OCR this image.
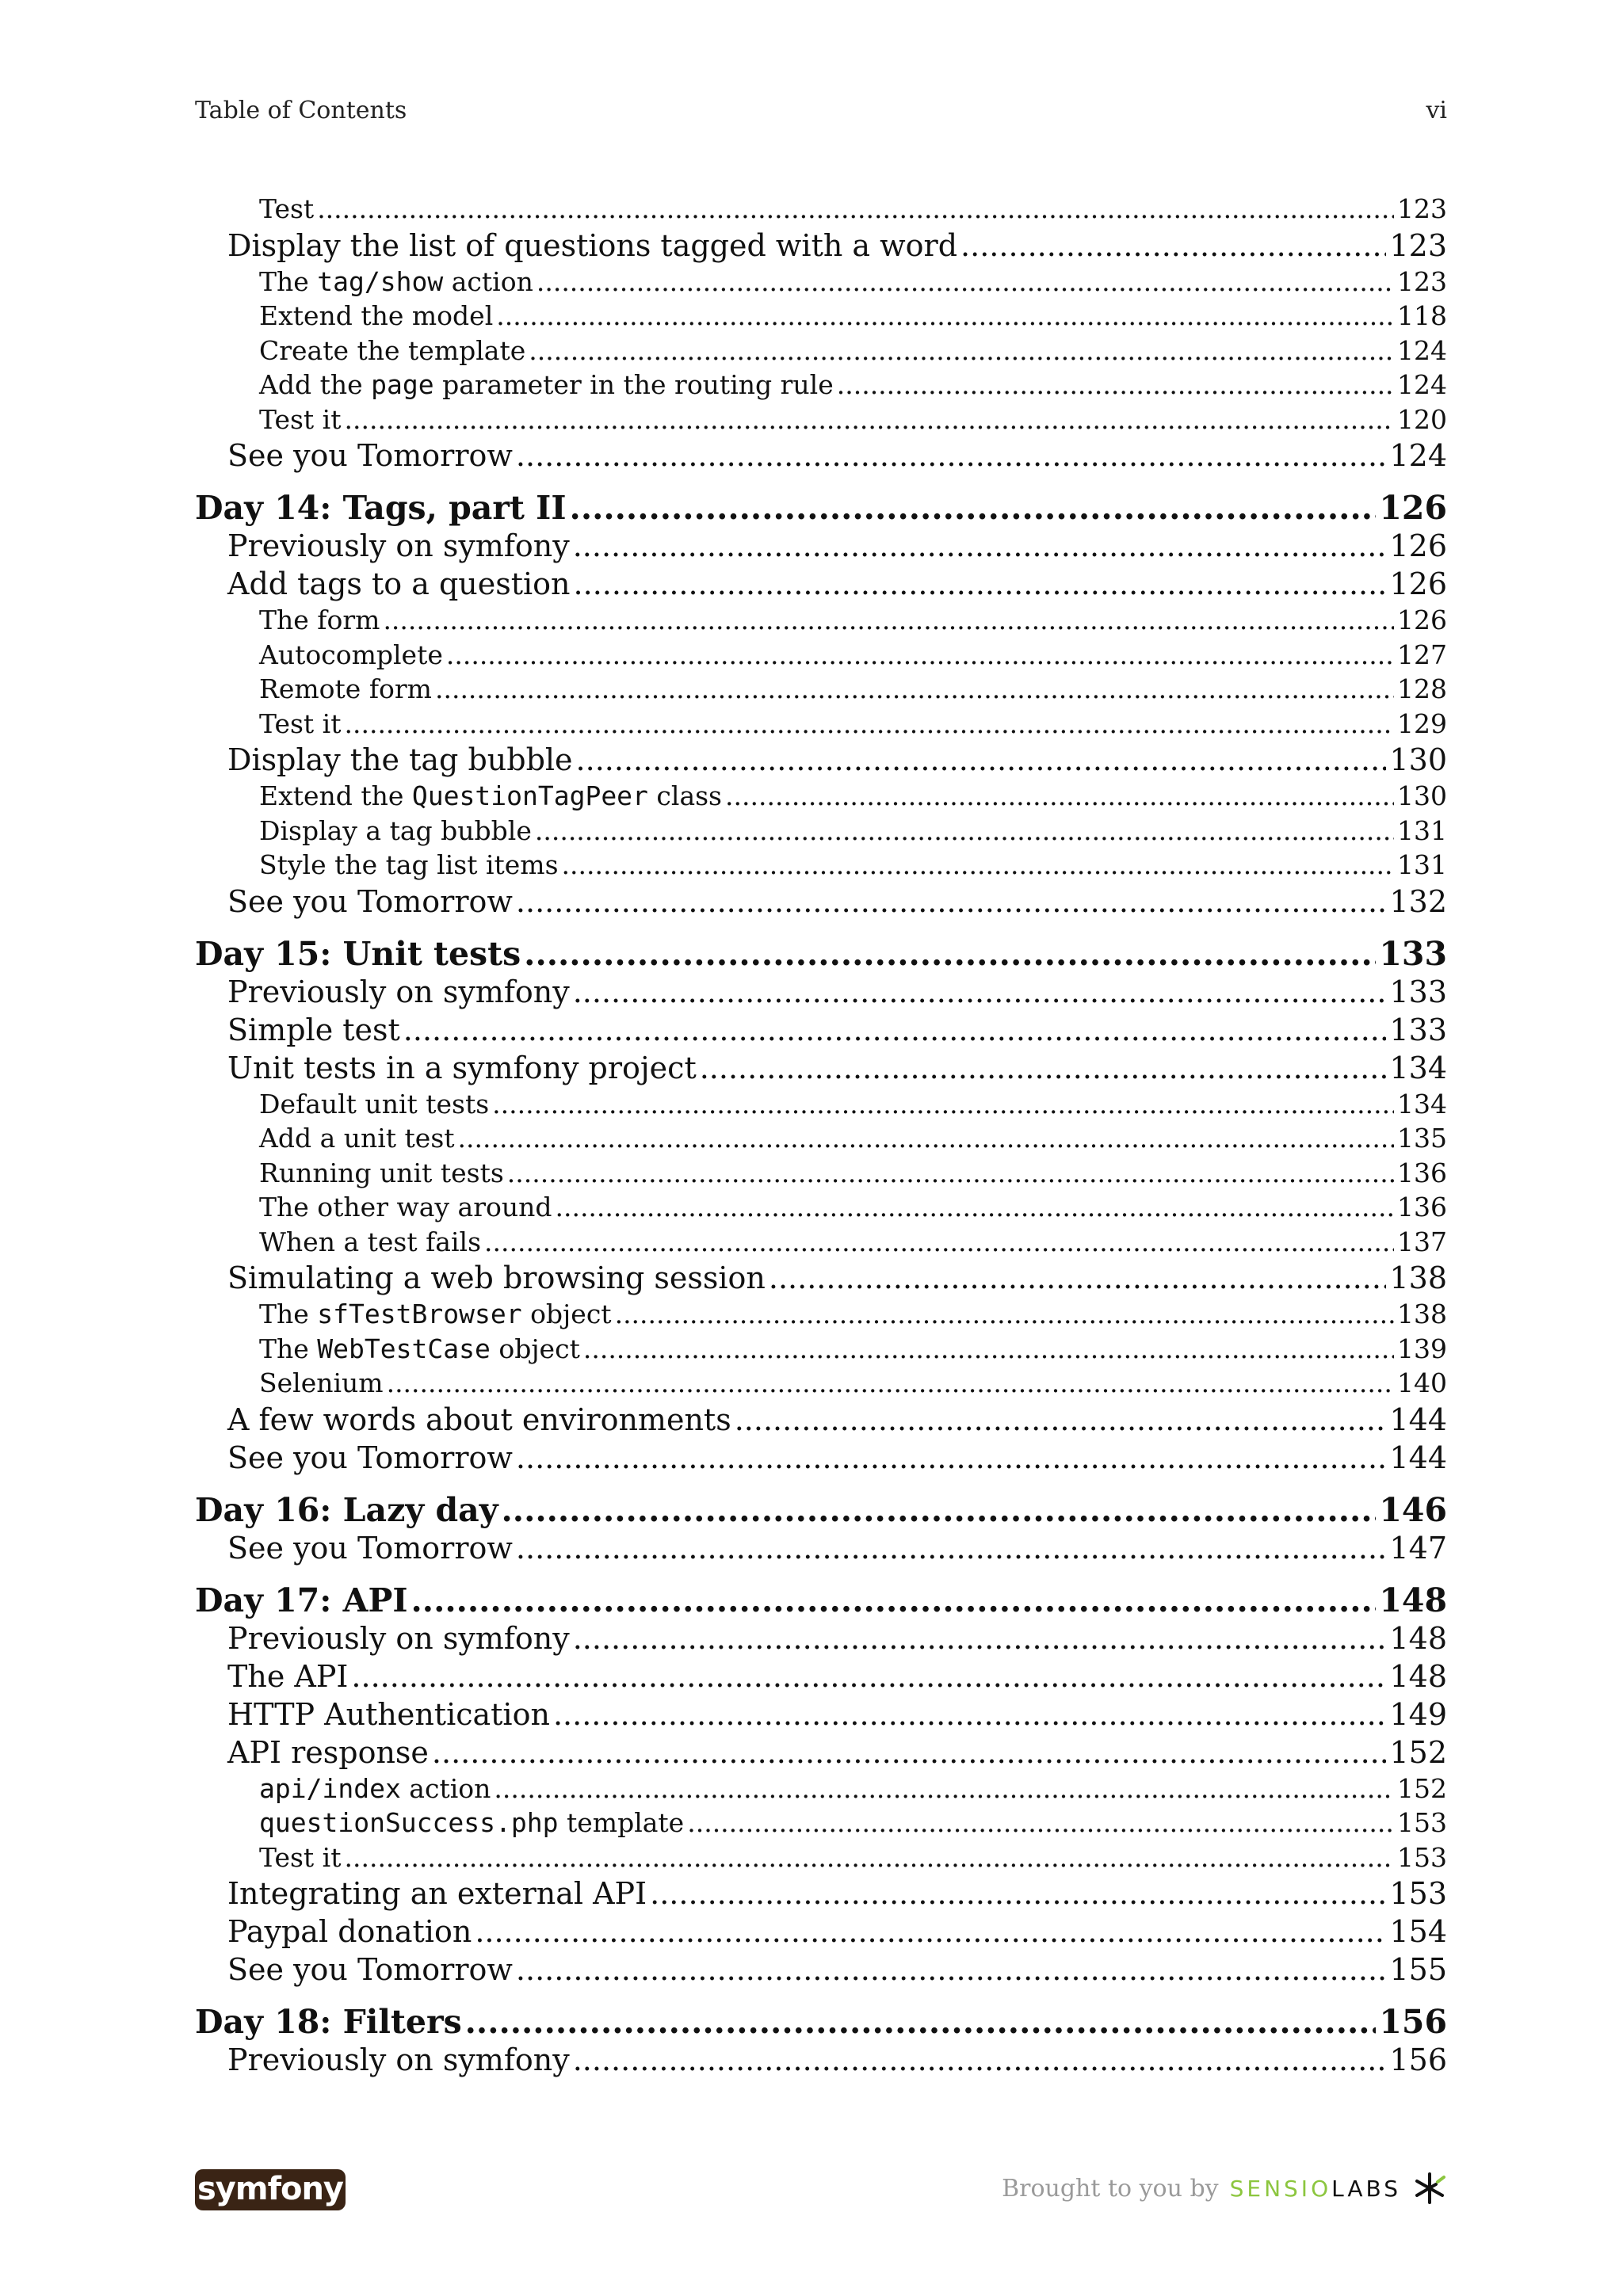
Table of Contents	vi
Test .....	123
Display the list of questions tagged with a word .....	123
The tag/show action .....	123
Extend the model .....	118
Create the template .....	124
Add the page parameter in the routing rule .....	124
Test it .....	120
See you Tomorrow .....	124
Day 14: Tags, part II .....	126
Previously on symfony .....	126
Add tags to a question .....	126
The form .....	126
Autocomplete .....	127
Remote form .....	128
Test it .....	129
Display the tag bubble .....	130
Extend the QuestionTagPeer class .....	130
Display a tag bubble .....	131
Style the tag list items .....	131
See you Tomorrow .....	132
Day 15: Unit tests .....	133
Previously on symfony .....	133
Simple test .....	133
Unit tests in a symfony project .....	134
Default unit tests .....	134
Add a unit test .....	135
Running unit tests .....	136
The other way around .....	136
When a test fails .....	137
Simulating a web browsing session .....	138
The sfTestBrowser object .....	138
The WebTestCase object .....	139
Selenium .....	140
A few words about environments .....	144
See you Tomorrow .....	144
Day 16: Lazy day .....	146
See you Tomorrow .....	147
Day 17: API .....	148
Previously on symfony .....	148
The API .....	148
HTTP Authentication .....	149
API response .....	152
api/index action .....	152
questionSuccess.php template .....	153
Test it .....	153
Integrating an external API .....	153
Paypal donation .....	154
See you Tomorrow .....	155
Day 18: Filters .....	156
Previously on symfony .....	156
symfony	Brought to you by SENSIO LABS
